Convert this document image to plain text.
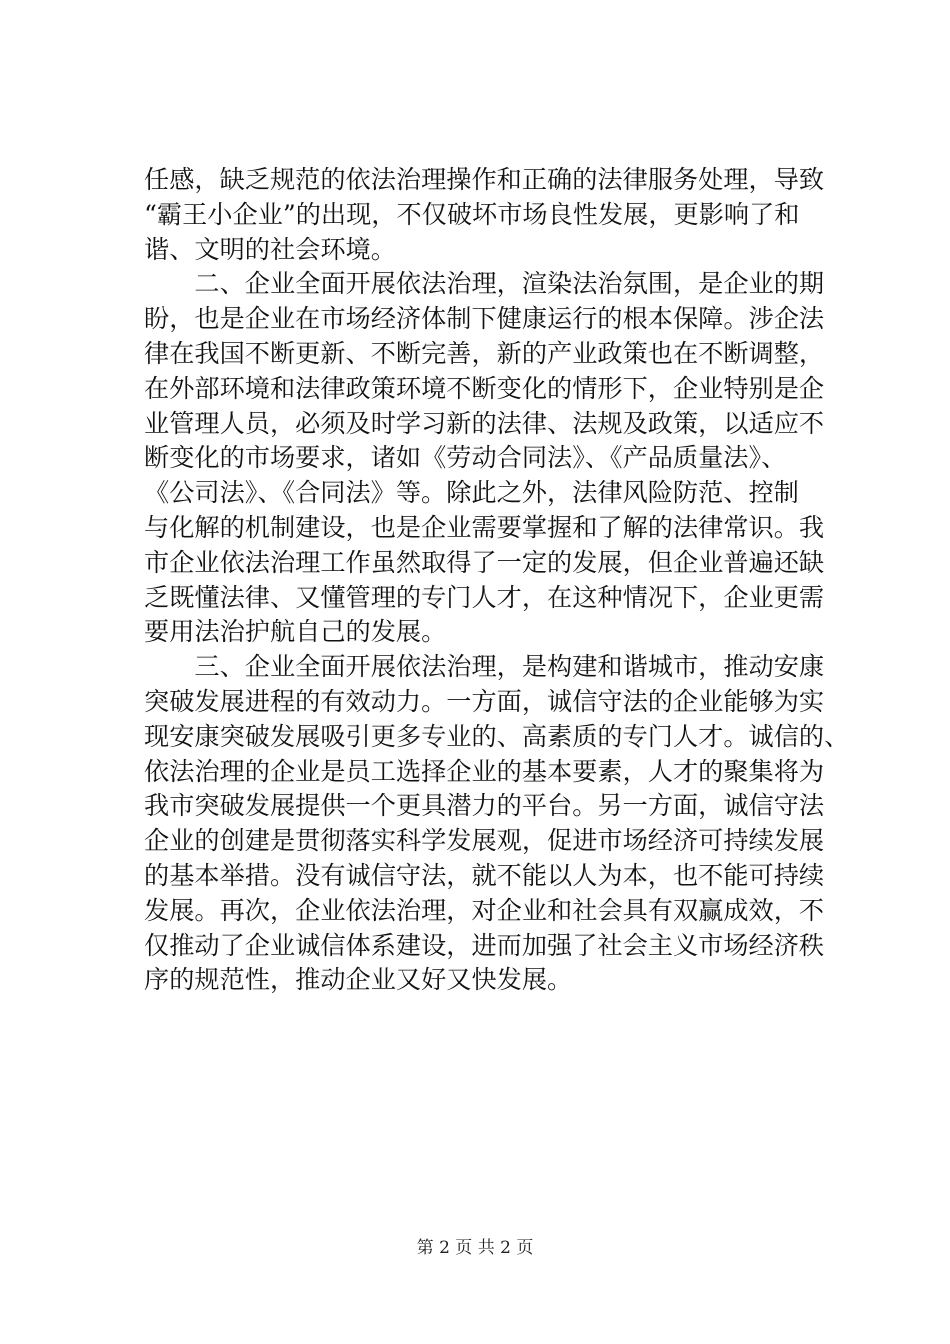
任感，缺乏规范的依法治理操作和正确的法律服务处理，导致
“霸王小企业”的出现，不仅破坏市场良性发展，更影响了和
谐、文明的社会环境。
　　二、企业全面开展依法治理，渲染法治氛围，是企业的期
盼，也是企业在市场经济体制下健康运行的根本保障。涉企法
律在我国不断更新、不断完善，新的产业政策也在不断调整，
在外部环境和法律政策环境不断变化的情形下，企业特别是企
业管理人员，必须及时学习新的法律、法规及政策，以适应不
断变化的市场要求，诸如《劳动合同法》、《产品质量法》、
《公司法》、《合同法》等。除此之外，法律风险防范、控制
与化解的机制建设，也是企业需要掌握和了解的法律常识。我
市企业依法治理工作虽然取得了一定的发展，但企业普遍还缺
乏既懂法律、又懂管理的专门人才，在这种情况下，企业更需
要用法治护航自己的发展。
　　三、企业全面开展依法治理，是构建和谐城市，推动安康
突破发展进程的有效动力。一方面，诚信守法的企业能够为实
现安康突破发展吸引更多专业的、高素质的专门人才。诚信的、
依法治理的企业是员工选择企业的基本要素，人才的聚集将为
我市突破发展提供一个更具潜力的平台。另一方面，诚信守法
企业的创建是贯彻落实科学发展观，促进市场经济可持续发展
的基本举措。没有诚信守法，就不能以人为本，也不能可持续
发展。再次，企业依法治理，对企业和社会具有双赢成效，不
仅推动了企业诚信体系建设，进而加强了社会主义市场经济秩
序的规范性，推动企业又好又快发展。
第 2 页 共 2 页
